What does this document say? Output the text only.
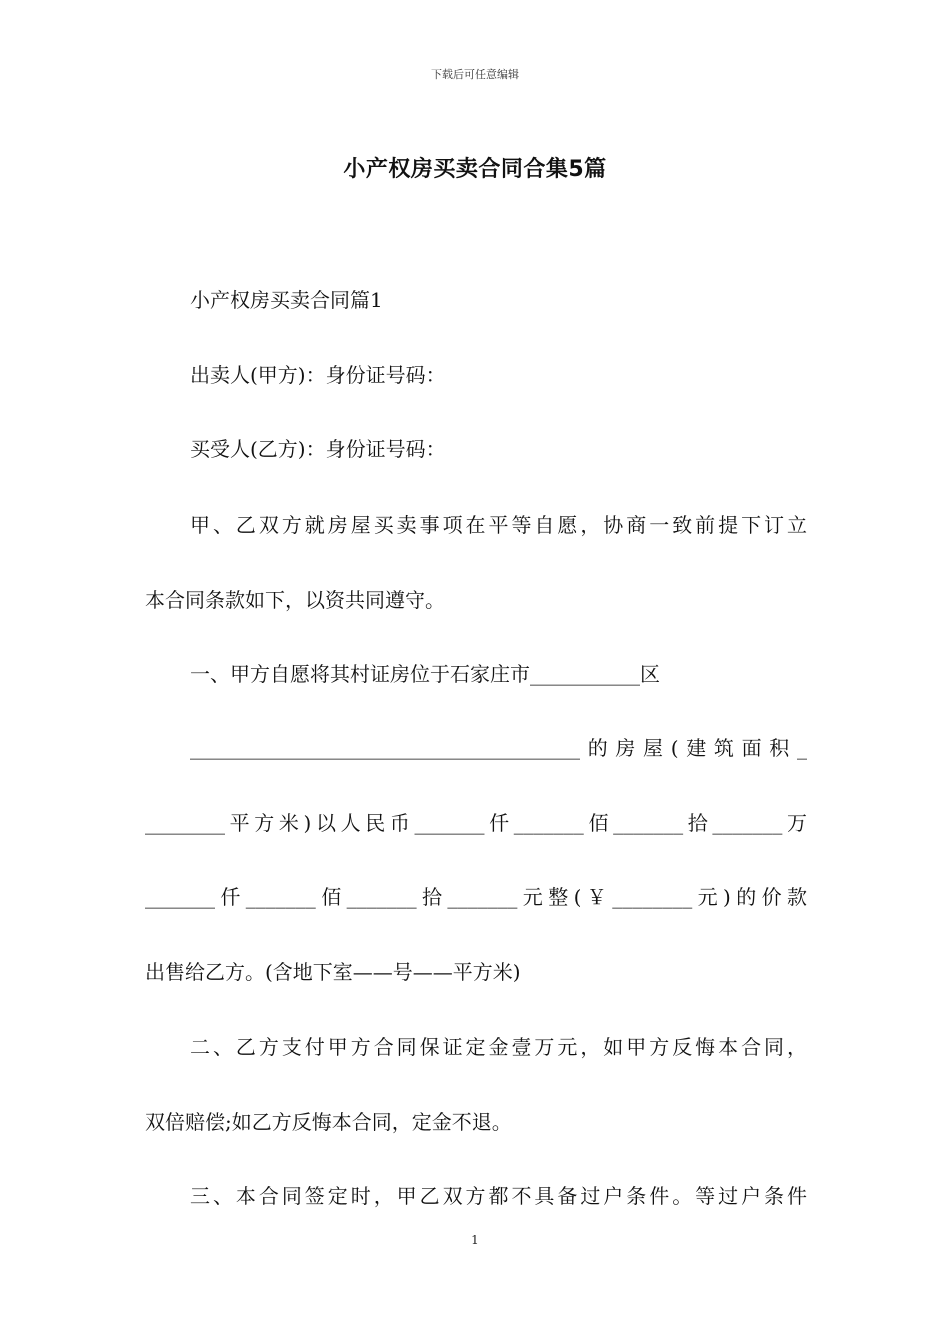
下载后可任意编辑
小产权房买卖合同合集5篇
小产权房买卖合同篇1
出卖人(甲方)：身份证号码：
买受人(乙方)：身份证号码：
甲、乙双方就房屋买卖事项在平等自愿，协商一致前提下订立
本合同条款如下，以资共同遵守。
一、甲方自愿将其村证房位于石家庄市___________区
_______________________________________的房屋(建筑面积_
________平方米)以人民币_______仟_______佰_______拾_______万
_______仟_______佰_______拾_______元整(￥________元)的价款
出售给乙方。(含地下室——号——平方米)
二、乙方支付甲方合同保证定金壹万元，如甲方反悔本合同，
双倍赔偿;如乙方反悔本合同，定金不退。
三、本合同签定时，甲乙双方都不具备过户条件。等过户条件
1
